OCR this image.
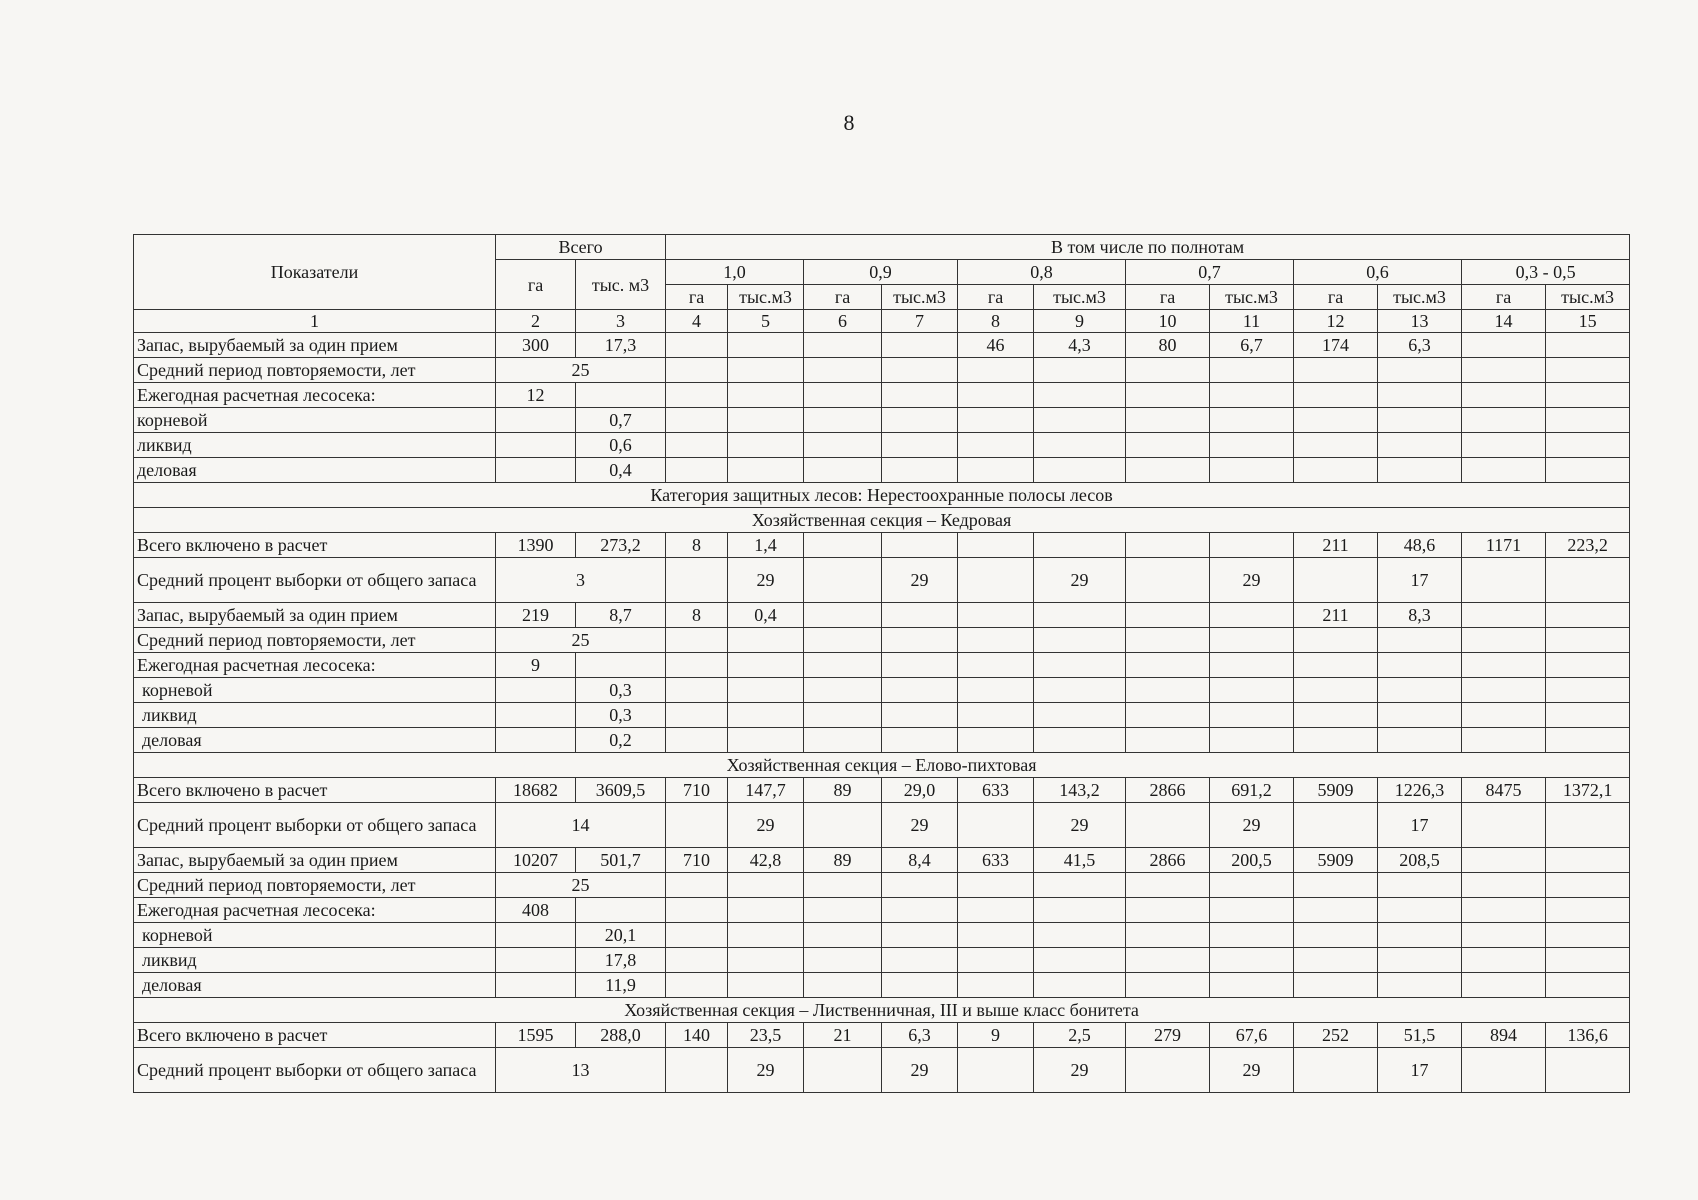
8
Показатели	Всего		В том числе по полнотам											
	га	тыс. м3	1,0		0,9		0,8		0,7		0,6		0,3 - 0,5	
			га	тыс.м3	га	тыс.м3	га	тыс.м3	га	тыс.м3	га	тыс.м3	га	тыс.м3
1	2	3	4	5	6	7	8	9	10	11	12	13	14	15
Запас, вырубаемый за один прием	300	17,3					46	4,3	80	6,7	174	6,3		
Средний период повторяемости, лет	25													
Ежегодная расчетная лесосека:	12													
корневой		0,7												
ликвид		0,6												
деловая		0,4												
Категория защитных лесов: Нерестоохранные полосы лесов														
Хозяйственная секция – Кедровая														
Всего включено в расчет	1390	273,2	8	1,4							211	48,6	1171	223,2
Средний процент выборки от общего запаса	3			29		29		29		29		17		
Запас, вырубаемый за один прием	219	8,7	8	0,4							211	8,3		
Средний период повторяемости, лет	25													
Ежегодная расчетная лесосека:	9													
корневой		0,3												
ликвид		0,3												
деловая		0,2												
Хозяйственная секция – Елово-пихтовая														
Всего включено в расчет	18682	3609,5	710	147,7	89	29,0	633	143,2	2866	691,2	5909	1226,3	8475	1372,1
Средний процент выборки от общего запаса	14			29		29		29		29		17		
Запас, вырубаемый за один прием	10207	501,7	710	42,8	89	8,4	633	41,5	2866	200,5	5909	208,5		
Средний период повторяемости, лет	25													
Ежегодная расчетная лесосека:	408													
корневой		20,1												
ликвид		17,8												
деловая		11,9												
Хозяйственная секция – Лиственничная, III и выше класс бонитета														
Всего включено в расчет	1595	288,0	140	23,5	21	6,3	9	2,5	279	67,6	252	51,5	894	136,6
Средний процент выборки от общего запаса	13			29		29		29		29		17		
